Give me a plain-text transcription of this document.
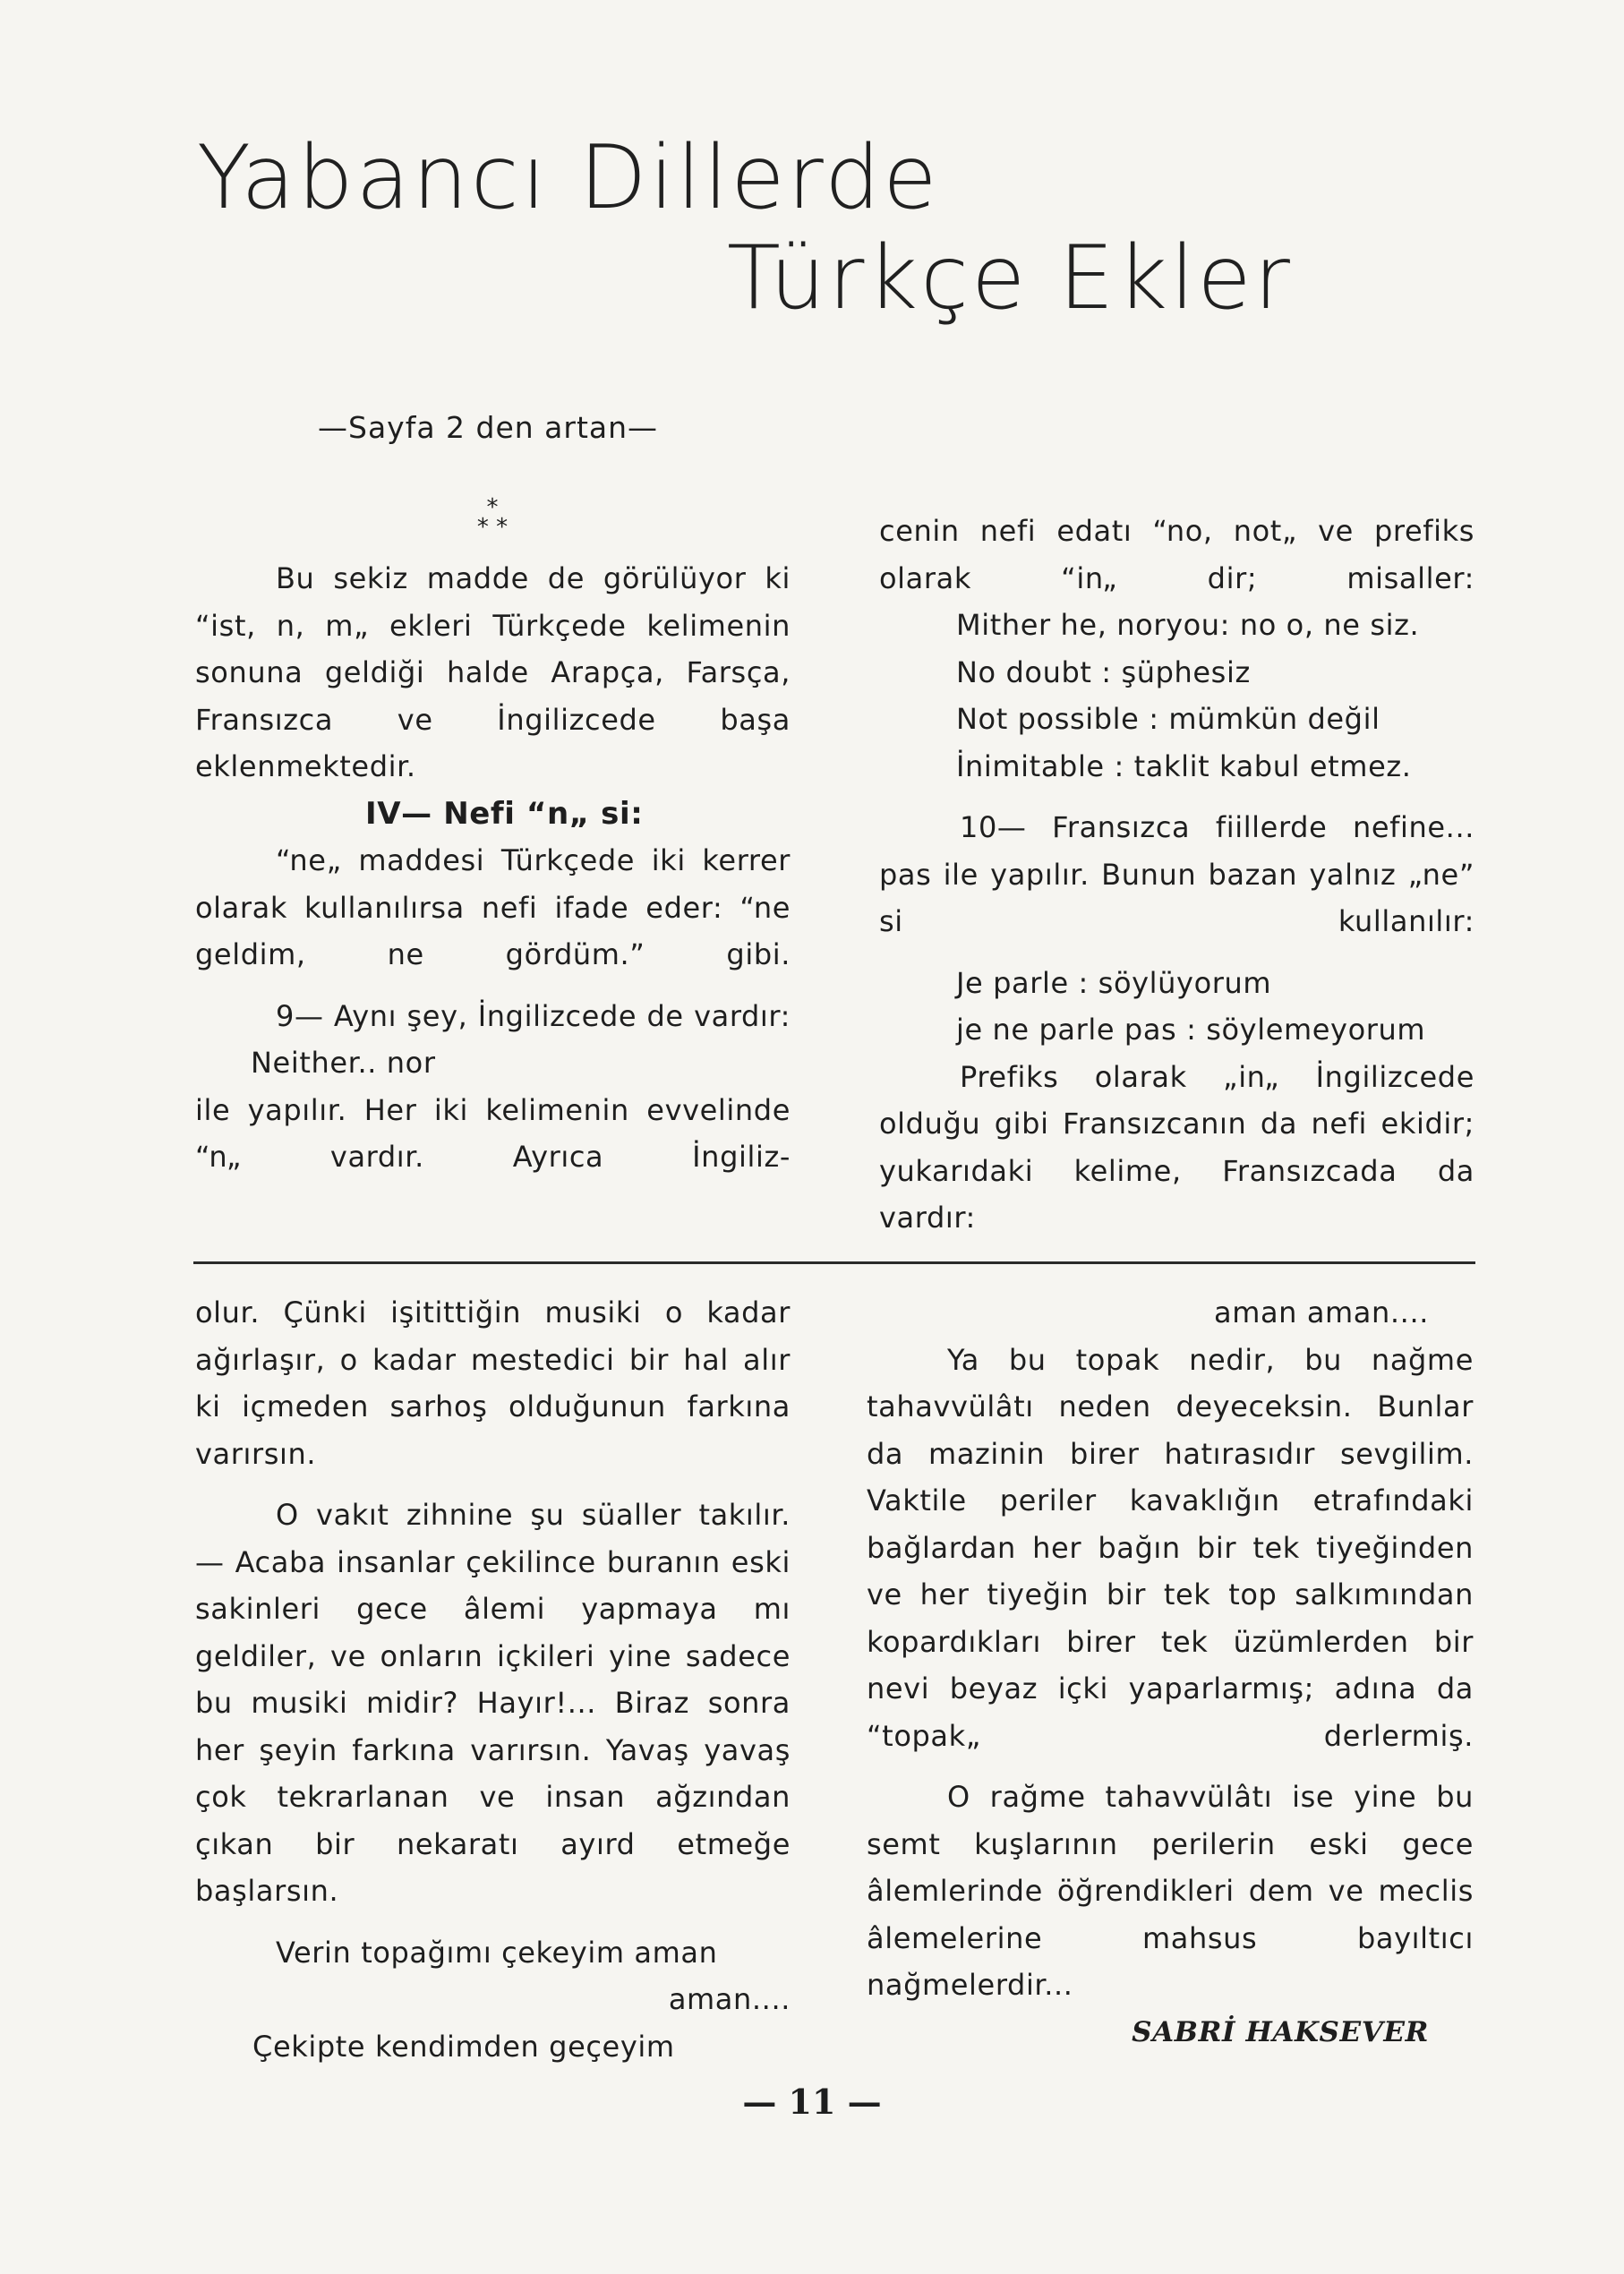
Yabancı Dillerde
Türkçe Ekler
—Sayfa 2 den artan—
*
* *

Bu sekiz madde de görülüyor ki “ist, n, m„ ekleri Türkçede kelimenin sonuna geldiği halde Arapça, Farsça, Fransızca ve İngilizcede başa eklenmektedir.

IV— Nefi “n„ si:

“ne„ maddesi Türkçede iki kerrer olarak kullanılırsa nefi ifade eder: “ne geldim, ne gördüm.” gibi.

9— Aynı şey, İngilizcede de vardır:

Neither.. nor

ile yapılır. Her iki kelimenin evvelinde “n„ vardır. Ayrıca İngiliz-

cenin nefi edatı “no, not„ ve prefiks olarak “in„ dir; misaller:

Mither he, noryou: no o, ne siz.

No doubt : şüphesiz

Not possible : mümkün değil

İnimitable : taklit kabul etmez.

10— Fransızca fiillerde nefine... pas ile yapılır. Bunun bazan yalnız „ne” si kullanılır:

Je parle : söylüyorum

je ne parle pas : söylemeyorum

Prefiks olarak „in„ İngilizcede olduğu gibi Fransızcanın da nefi ekidir; yukarıdaki kelime, Fransızcada da vardır:

olur. Çünki işitittiğin musiki o kadar ağırlaşır, o kadar mestedici bir hal alır ki içmeden sarhoş olduğunun farkına varırsın.

O vakıt zihnine şu süaller takılır. — Acaba insanlar çekilince buranın eski sakinleri gece âlemi yapmaya mı geldiler, ve onların içkileri yine sadece bu musiki midir? Hayır!... Biraz sonra her şeyin farkına varırsın. Yavaş yavaş çok tekrarlanan ve insan ağzından çıkan bir nekaratı ayırd etmeğe başlarsın.

Verin topağımı çekeyim aman

aman....

Çekipte kendimden geçeyim

aman aman....

Ya bu topak nedir, bu nağme tahavvülâtı neden deyeceksin. Bunlar da mazinin birer hatırasıdır sevgilim. Vaktile periler kavaklığın etrafındaki bağlardan her bağın bir tek tiyeğinden ve her tiyeğin bir tek top salkımından kopardıkları birer tek üzümlerden bir nevi beyaz içki yaparlarmış; adına da “topak„ derlermiş.

O rağme tahavvülâtı ise yine bu semt kuşlarının perilerin eski gece âlemlerinde öğrendikleri dem ve meclis âlemelerine mahsus bayıltıcı nağmelerdir...

SABRİ HAKSEVER

— 11 —
